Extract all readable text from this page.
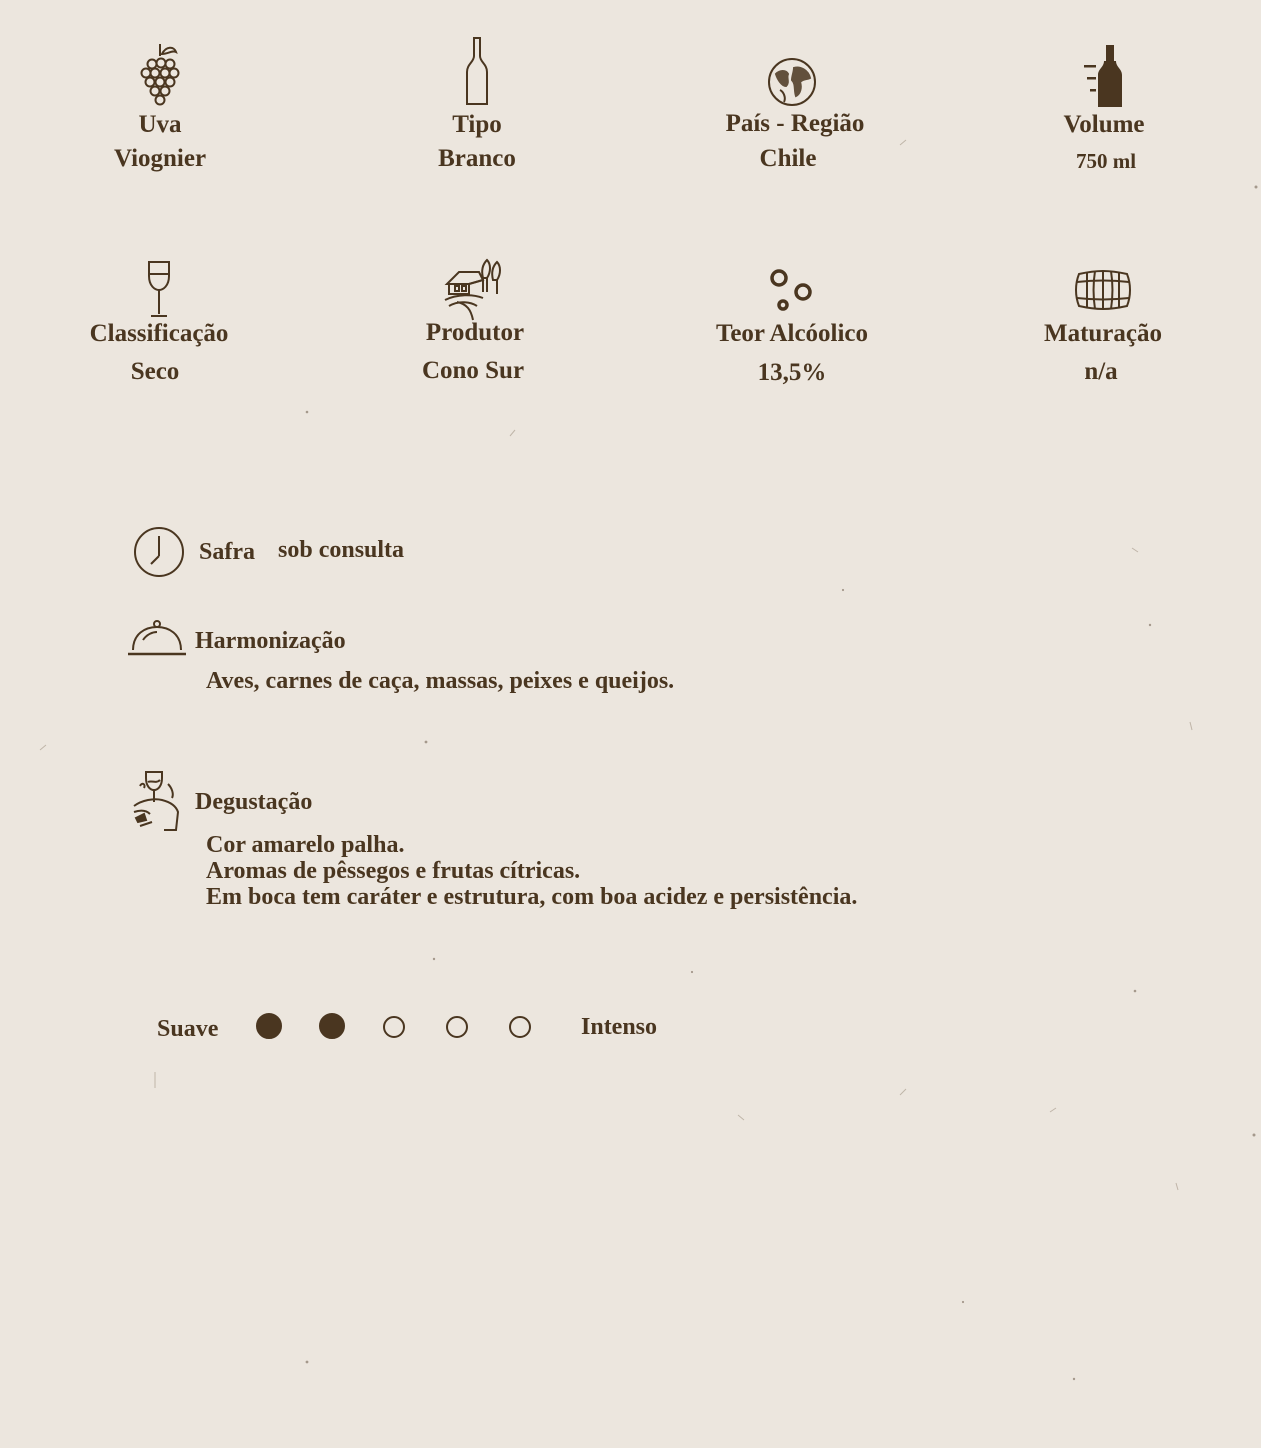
Uva
Viognier
Tipo
Branco
País - Região
Chile
Volume
750 ml
Classificação
Seco
Produtor
Cono Sur
Teor Alcóolico
13,5%
Maturação
n/a
Safra sob consulta
Harmonização
Aves, carnes de caça, massas, peixes e queijos.
Degustação
Cor amarelo palha.
Aromas de pêssegos e frutas cítricas.
Em boca tem caráter e estrutura, com boa acidez e persistência.
Suave	Intenso
